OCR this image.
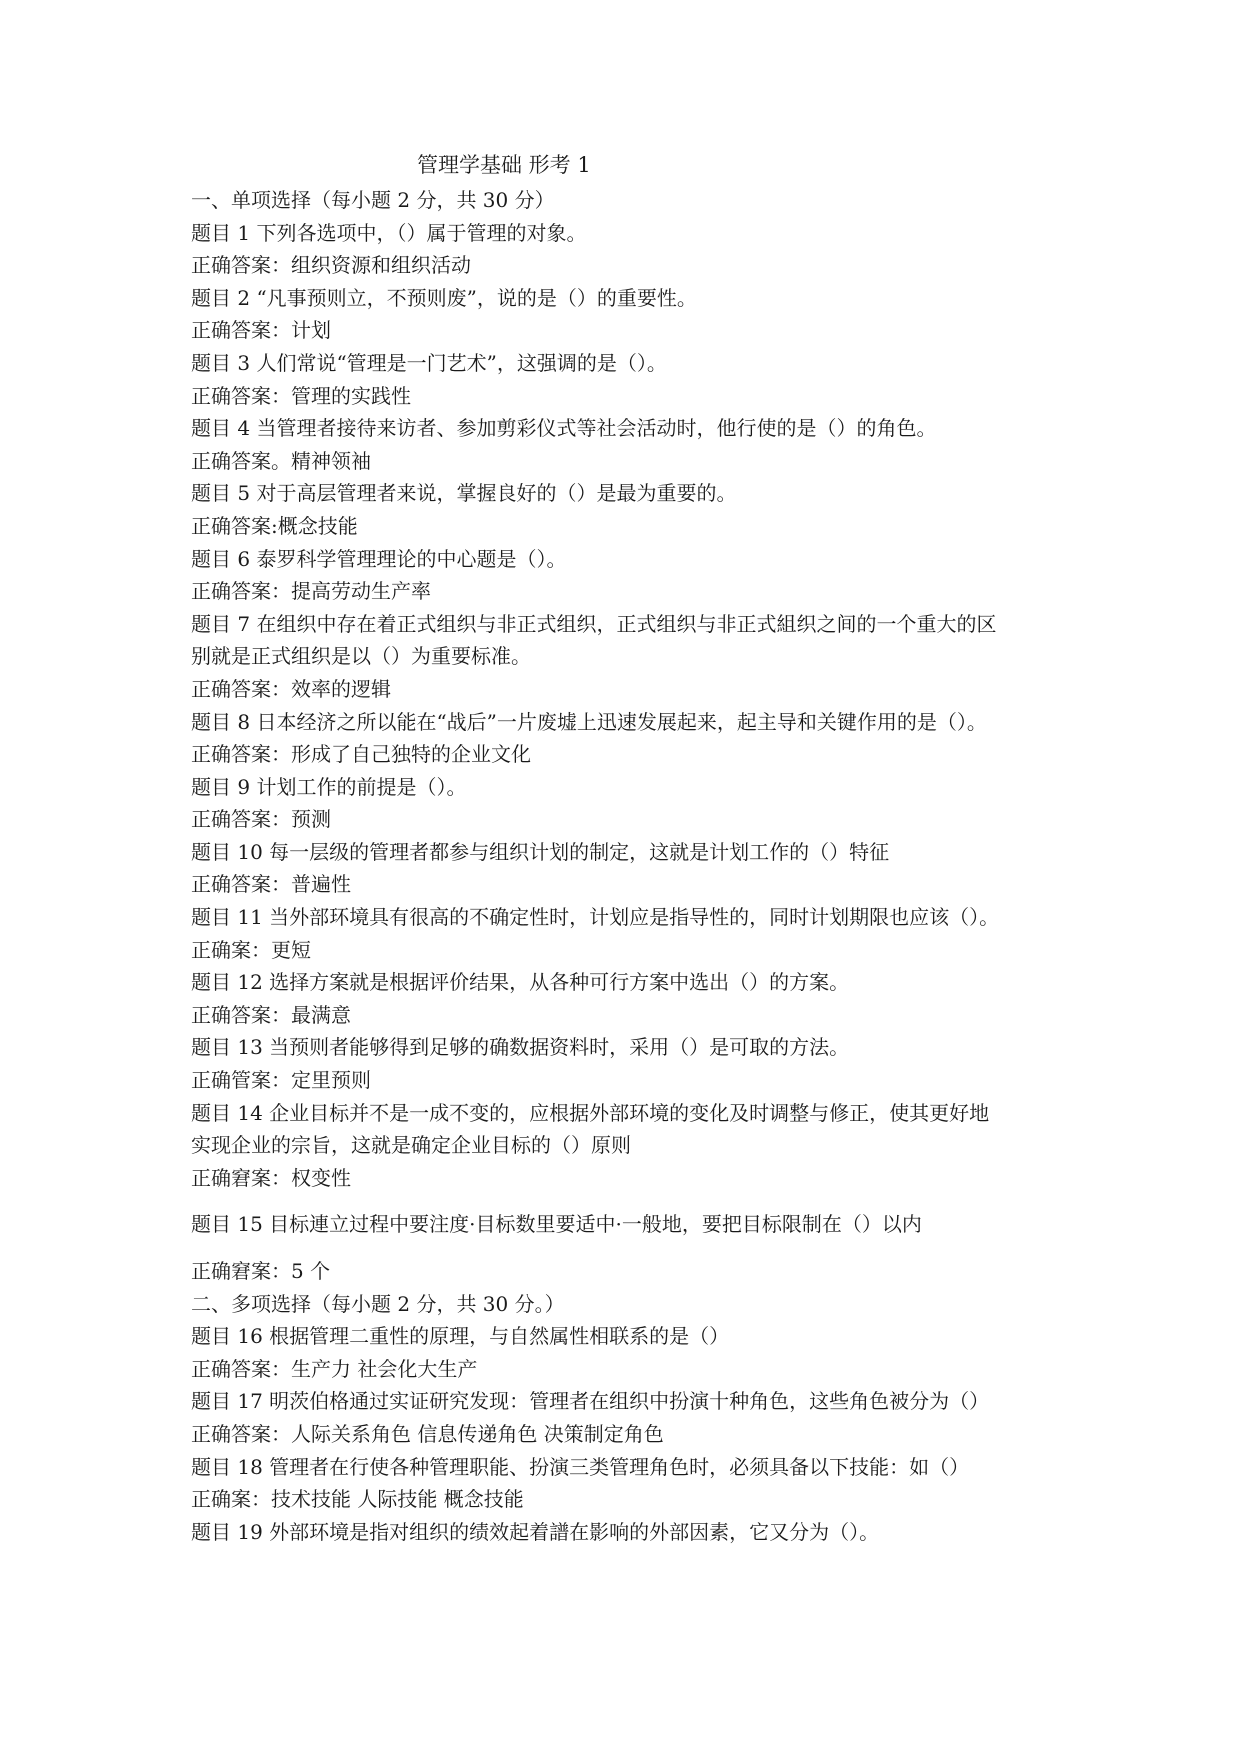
管理学基础 形考 1
一、单项选择（每小题 2 分，共 30 分）
题目 1 下列各选项中，（）属于管理的对象。
正确答案：组织资源和组织活动
题目 2 “凡事预则立，不预则废”，说的是（）的重要性。
正确答案：计划
题目 3 人们常说“管理是一门艺术”，这强调的是（）。
正确答案：管理的实践性
题目 4 当管理者接待来访者、参加剪彩仪式等社会活动时，他行使的是（）的角色。
正确答案。精神领袖
题目 5 对于高层管理者来说，掌握良好的（）是最为重要的。
正确答案:概念技能
题目 6 泰罗科学管理理论的中心题是（）。
正确答案：提高劳动生产率
题目 7 在组织中存在着正式组织与非正式组织，正式组织与非正式組织之间的一个重大的区
别就是正式组织是以（）为重要标准。
正确答案：效率的逻辑
题目 8 日本经济之所以能在“战后”一片废墟上迅速发展起来，起主导和关键作用的是（）。
正确答案：形成了自己独特的企业文化
题目 9 计划工作的前提是（）。
正确答案：预测
题目 10 每一层级的管理者都参与组织计划的制定，这就是计划工作的（）特征
正确答案：普遍性
题目 11 当外部环境具有很高的不确定性时，计划应是指导性的，同时计划期限也应该（）。
正确案：更短
题目 12 选择方案就是根据评价结果，从各种可行方案中选出（）的方案。
正确答案：最满意
题目 13 当预则者能够得到足够的确数据资料时，采用（）是可取的方法。
正确管案：定里预则
题目 14 企业目标并不是一成不变的，应根据外部环境的变化及时调整与修正，使其更好地
实现企业的宗旨，这就是确定企业目标的（）原则
正确窘案：权变性
题目 15 目标連立过程中要注度·目标数里要适中·一般地，要把目标限制在（）以内
正确窘案：5 个
二、多项选择（每小题 2 分，共 30 分。）
题目 16 根据管理二重性的原理，与自然属性相联系的是（）
正确答案：生产力 社会化大生产
题目 17 明茨伯格通过实证研究发现：管理者在组织中扮演十种角色，这些角色被分为（）
正确答案：人际关系角色 信息传递角色 决策制定角色
题目 18 管理者在行使各种管理职能、扮演三类管理角色时，必须具备以下技能：如（）
正确案：技术技能 人际技能 概念技能
题目 19 外部环境是指对组织的绩效起着譜在影响的外部因素，它又分为（）。
